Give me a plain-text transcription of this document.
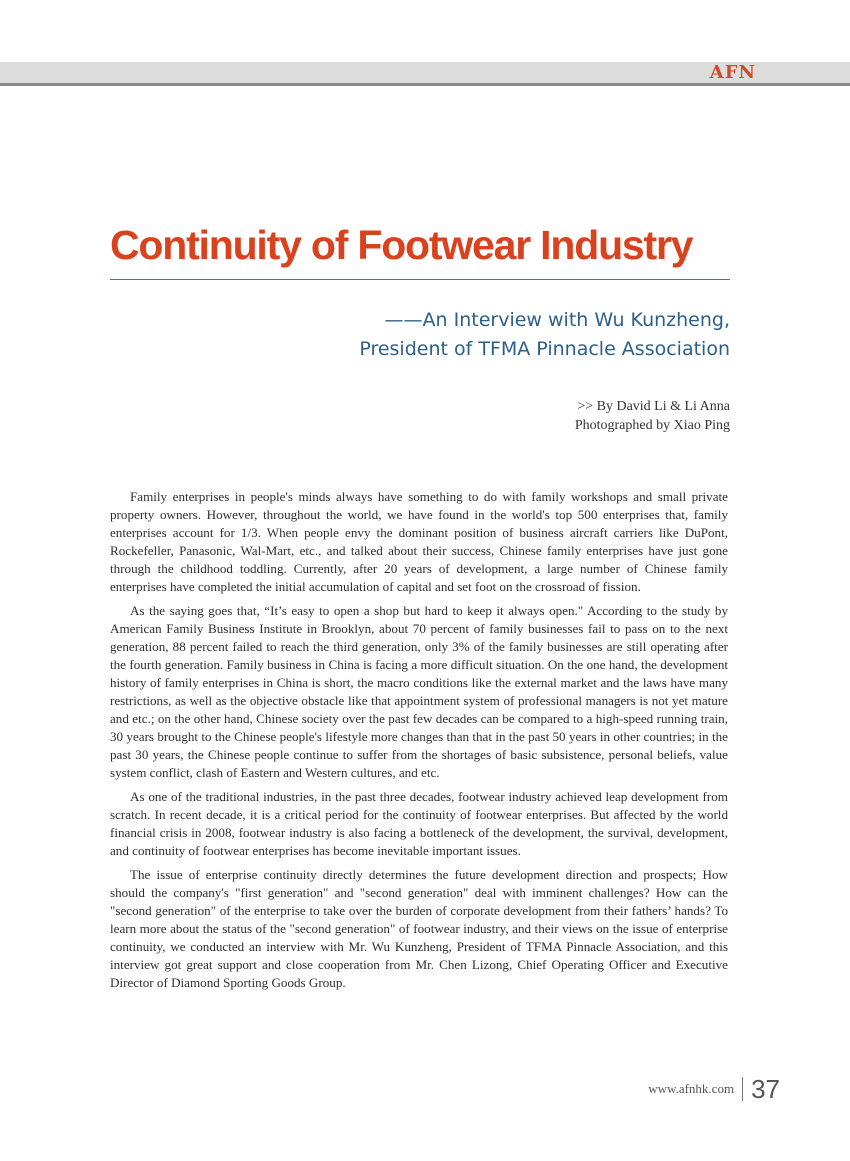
AFN
Continuity of Footwear Industry
——An Interview with Wu Kunzheng,
President of TFMA Pinnacle Association
>> By David Li & Li Anna
Photographed by Xiao Ping

Family enterprises in people's minds always have something to do with family workshops and small private property owners. However, throughout the world, we have found in the world's top 500 enterprises that, family enterprises account for 1/3. When people envy the dominant position of business aircraft carriers like DuPont, Rockefeller, Panasonic, Wal-Mart, etc., and talked about their success, Chinese family enterprises have just gone through the childhood toddling. Currently, after 20 years of development, a large number of Chinese family enterprises have completed the initial accumulation of capital and set foot on the crossroad of fission.

As the saying goes that, “It’s easy to open a shop but hard to keep it always open." According to the study by American Family Business Institute in Brooklyn, about 70 percent of family businesses fail to pass on to the next generation, 88 percent failed to reach the third generation, only 3% of the family businesses are still operating after the fourth generation. Family business in China is facing a more difficult situation. On the one hand, the development history of family enterprises in China is short, the macro conditions like the external market and the laws have many restrictions, as well as the objective obstacle like that appointment system of professional managers is not yet mature and etc.; on the other hand, Chinese society over the past few decades can be compared to a high-speed running train, 30 years brought to the Chinese people's lifestyle more changes than that in the past 50 years in other countries; in the past 30 years, the Chinese people continue to suffer from the shortages of basic subsistence, personal beliefs, value system conflict, clash of Eastern and Western cultures, and etc.

As one of the traditional industries, in the past three decades, footwear industry achieved leap development from scratch. In recent decade, it is a critical period for the continuity of footwear enterprises. But affected by the world financial crisis in 2008, footwear industry is also facing a bottleneck of the development, the survival, development, and continuity of footwear enterprises has become inevitable important issues.

The issue of enterprise continuity directly determines the future development direction and prospects; How should the company's "first generation" and "second generation" deal with imminent challenges? How can the "second generation" of the enterprise to take over the burden of corporate development from their fathers’ hands? To learn more about the status of the "second generation" of footwear industry, and their views on the issue of enterprise continuity, we conducted an interview with Mr. Wu Kunzheng, President of TFMA Pinnacle Association, and this interview got great support and close cooperation from Mr. Chen Lizong, Chief Operating Officer and Executive Director of Diamond Sporting Goods Group.

www.afnhk.com 37
